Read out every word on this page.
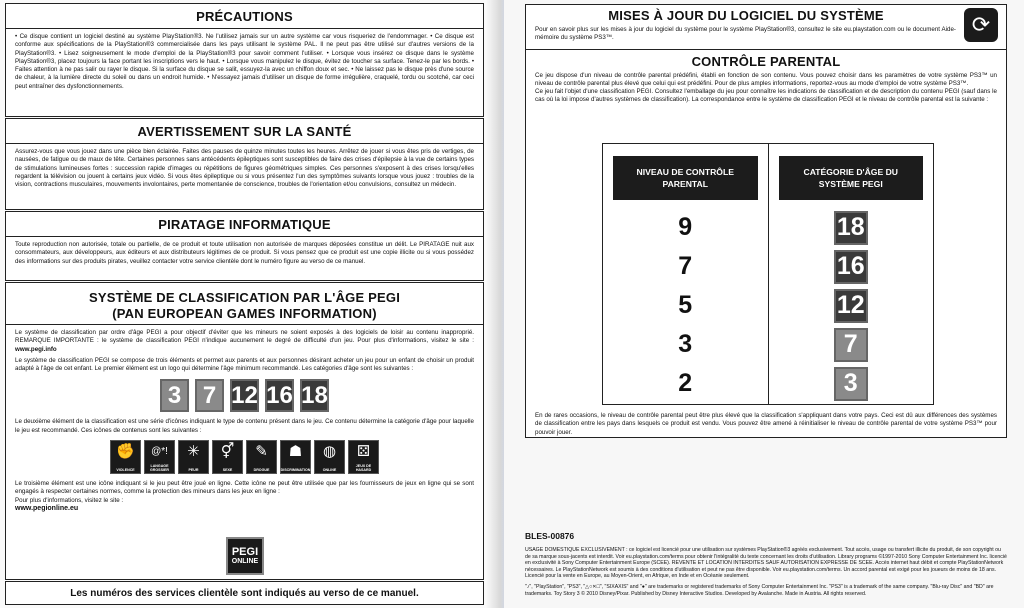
PRÉCAUTIONS
• Ce disque contient un logiciel destiné au système PlayStation®3. Ne l'utilisez jamais sur un autre système car vous risqueriez de l'endommager. • Ce disque est conforme aux spécifications de la PlayStation®3 commercialisée dans les pays utilisant le système PAL. Il ne peut pas être utilisé sur d'autres versions de la PlayStation®3. • Lisez soigneusement le mode d'emploi de la PlayStation®3 pour savoir comment l'utiliser. • Lorsque vous insérez ce disque dans le système PlayStation®3, placez toujours la face portant les inscriptions vers le haut. • Lorsque vous manipulez le disque, évitez de toucher sa surface. Tenez-le par les bords. • Faites attention à ne pas salir ou rayer le disque. Si la surface du disque se salit, essuyez-la avec un chiffon doux et sec. • Ne laissez pas le disque près d'une source de chaleur, à la lumière directe du soleil ou dans un endroit humide. • N'essayez jamais d'utiliser un disque de forme irrégulière, craquelé, tordu ou scotché, car ceci peut entraîner des dysfonctionnements.
AVERTISSEMENT SUR LA SANTÉ
Assurez-vous que vous jouez dans une pièce bien éclairée. Faites des pauses de quinze minutes toutes les heures. Arrêtez de jouer si vous êtes pris de vertiges, de nausées, de fatigue ou de maux de tête. Certaines personnes sans antécédents épileptiques sont susceptibles de faire des crises d'épilepsie à la vue de certains types de stimulations lumineuses fortes : succession rapide d'images ou répétitions de figures géométriques simples. Ces personnes s'exposent à des crises lorsqu'elles regardent la télévision ou jouent à certains jeux vidéo. Si vous êtes épileptique ou si vous présentez l'un des symptômes suivants lorsque vous jouez : troubles de la vision, contractions musculaires, mouvements involontaires, perte momentanée de conscience, troubles de l'orientation et/ou convulsions, consultez un médecin.
PIRATAGE INFORMATIQUE
Toute reproduction non autorisée, totale ou partielle, de ce produit et toute utilisation non autorisée de marques déposées constitue un délit. Le PIRATAGE nuit aux consommateurs, aux développeurs, aux éditeurs et aux distributeurs légitimes de ce produit. Si vous pensez que ce produit est une copie illicite ou si vous possédez des informations sur des produits pirates, veuillez contacter votre service clientèle dont le numéro figure au verso de ce manuel.
SYSTÈME DE CLASSIFICATION PAR L'ÂGE PEGI
(PAN EUROPEAN GAMES INFORMATION)

Le système de classification par ordre d'âge PEGI a pour objectif d'éviter que les mineurs ne soient exposés à des logiciels de loisir au contenu inapproprié. REMARQUE IMPORTANTE : le système de classification PEGI n'indique aucunement le degré de difficulté d'un jeu. Pour plus d'informations, visitez le site : www.pegi.info

Le système de classification PEGI se compose de trois éléments et permet aux parents et aux personnes désirant acheter un jeu pour un enfant de choisir un produit adapté à l'âge de cet enfant. Le premier élément est un logo qui détermine l'âge minimum recommandé. Les catégories d'âge sont les suivantes :

3 7 12 16 18

Le deuxième élément de la classification est une série d'icônes indiquant le type de contenu présent dans le jeu. Ce contenu détermine la catégorie d'âge pour laquelle le jeu est recommandé. Ces icônes de contenus sont les suivantes :

✊
VIOLENCE
@*!
LANGAGE GROSSIER
✳
PEUR
⚥
SEXE
✎
DROGUE
☗
DISCRIMINATION
◍
ONLINE
⚄
JEUX DE HASARD

Le troisième élément est une icône indiquant si le jeu peut être joué en ligne. Cette icône ne peut être utilisée que par les fournisseurs de jeux en ligne qui se sont engagés à respecter certaines normes, comme la protection des mineurs dans les jeux en ligne :

Pour plus d'informations, visitez le site :

www.pegionline.eu

PEGI
ONLINE
Les numéros des services clientèle sont indiqués au verso de ce manuel.
MISES À JOUR DU LOGICIEL DU SYSTÈME	⟳
Pour en savoir plus sur les mises à jour du logiciel du système pour le système PlayStation®3, consultez le site eu.playstation.com ou le document Aide-mémoire du système PS3™.
CONTRÔLE PARENTAL

Ce jeu dispose d'un niveau de contrôle parental prédéfini, établi en fonction de son contenu. Vous pouvez choisir dans les paramètres de votre système PS3™ un niveau de contrôle parental plus élevé que celui qui est prédéfini. Pour de plus amples informations, reportez-vous au mode d'emploi de votre système PS3™.

Ce jeu fait l'objet d'une classification PEGI. Consultez l'emballage du jeu pour connaître les indications de classification et de description du contenu PEGI (sauf dans le cas où la loi impose d'autres systèmes de classification). La correspondance entre le système de classification PEGI et le niveau de contrôle parental est la suivante :

NIVEAU DE CONTRÔLE PARENTAL
9
7
5
3
2
CATÉGORIE D'ÂGE DU SYSTÈME PEGI
18
16
12
7
3

En de rares occasions, le niveau de contrôle parental peut être plus élevé que la classification s'appliquant dans votre pays. Ceci est dû aux différences des systèmes de classification entre les pays dans lesquels ce produit est vendu. Vous pouvez être amené à réinitialiser le niveau de contrôle parental de votre système PS3™ pour pouvoir jouer.

BLES-00876

USAGE DOMESTIQUE EXCLUSIVEMENT : ce logiciel est licencié pour une utilisation sur systèmes PlayStation®3 agréés exclusivement. Tout accès, usage ou transfert illicite du produit, de son copyright ou de sa marque sous-jacents est interdit. Voir eu.playstation.com/terms pour obtenir l'intégralité du texte concernant les droits d'utilisation. Library programs ©1997-2010 Sony Computer Entertainment Inc. licencié en exclusivité à Sony Computer Entertainment Europe (SCEE). REVENTE ET LOCATION INTERDITES SAUF AUTORISATION EXPRESSE DE SCEE. Accès internet haut débit et compte PlayStationNetwork nécessaires. Le PlayStationNetwork est soumis à des conditions d'utilisation et peut ne pas être disponible. Voir eu.playstation.com/terms. Un accord parental est exigé pour les joueurs de moins de 18 ans. Licencié pour la vente en Europe, au Moyen-Orient, en Afrique, en Inde et en Océanie seulement.

"♪", "PlayStation", "PS3", "△○✕□", "SIXAXIS" and "●" are trademarks or registered trademarks of Sony Computer Entertainment Inc. "PS3" is a trademark of the same company. "Blu-ray Disc" and "BD" are trademarks. Toy Story 3 © 2010 Disney/Pixar. Published by Disney Interactive Studios. Developed by Avalanche. Made in Austria. All rights reserved.
